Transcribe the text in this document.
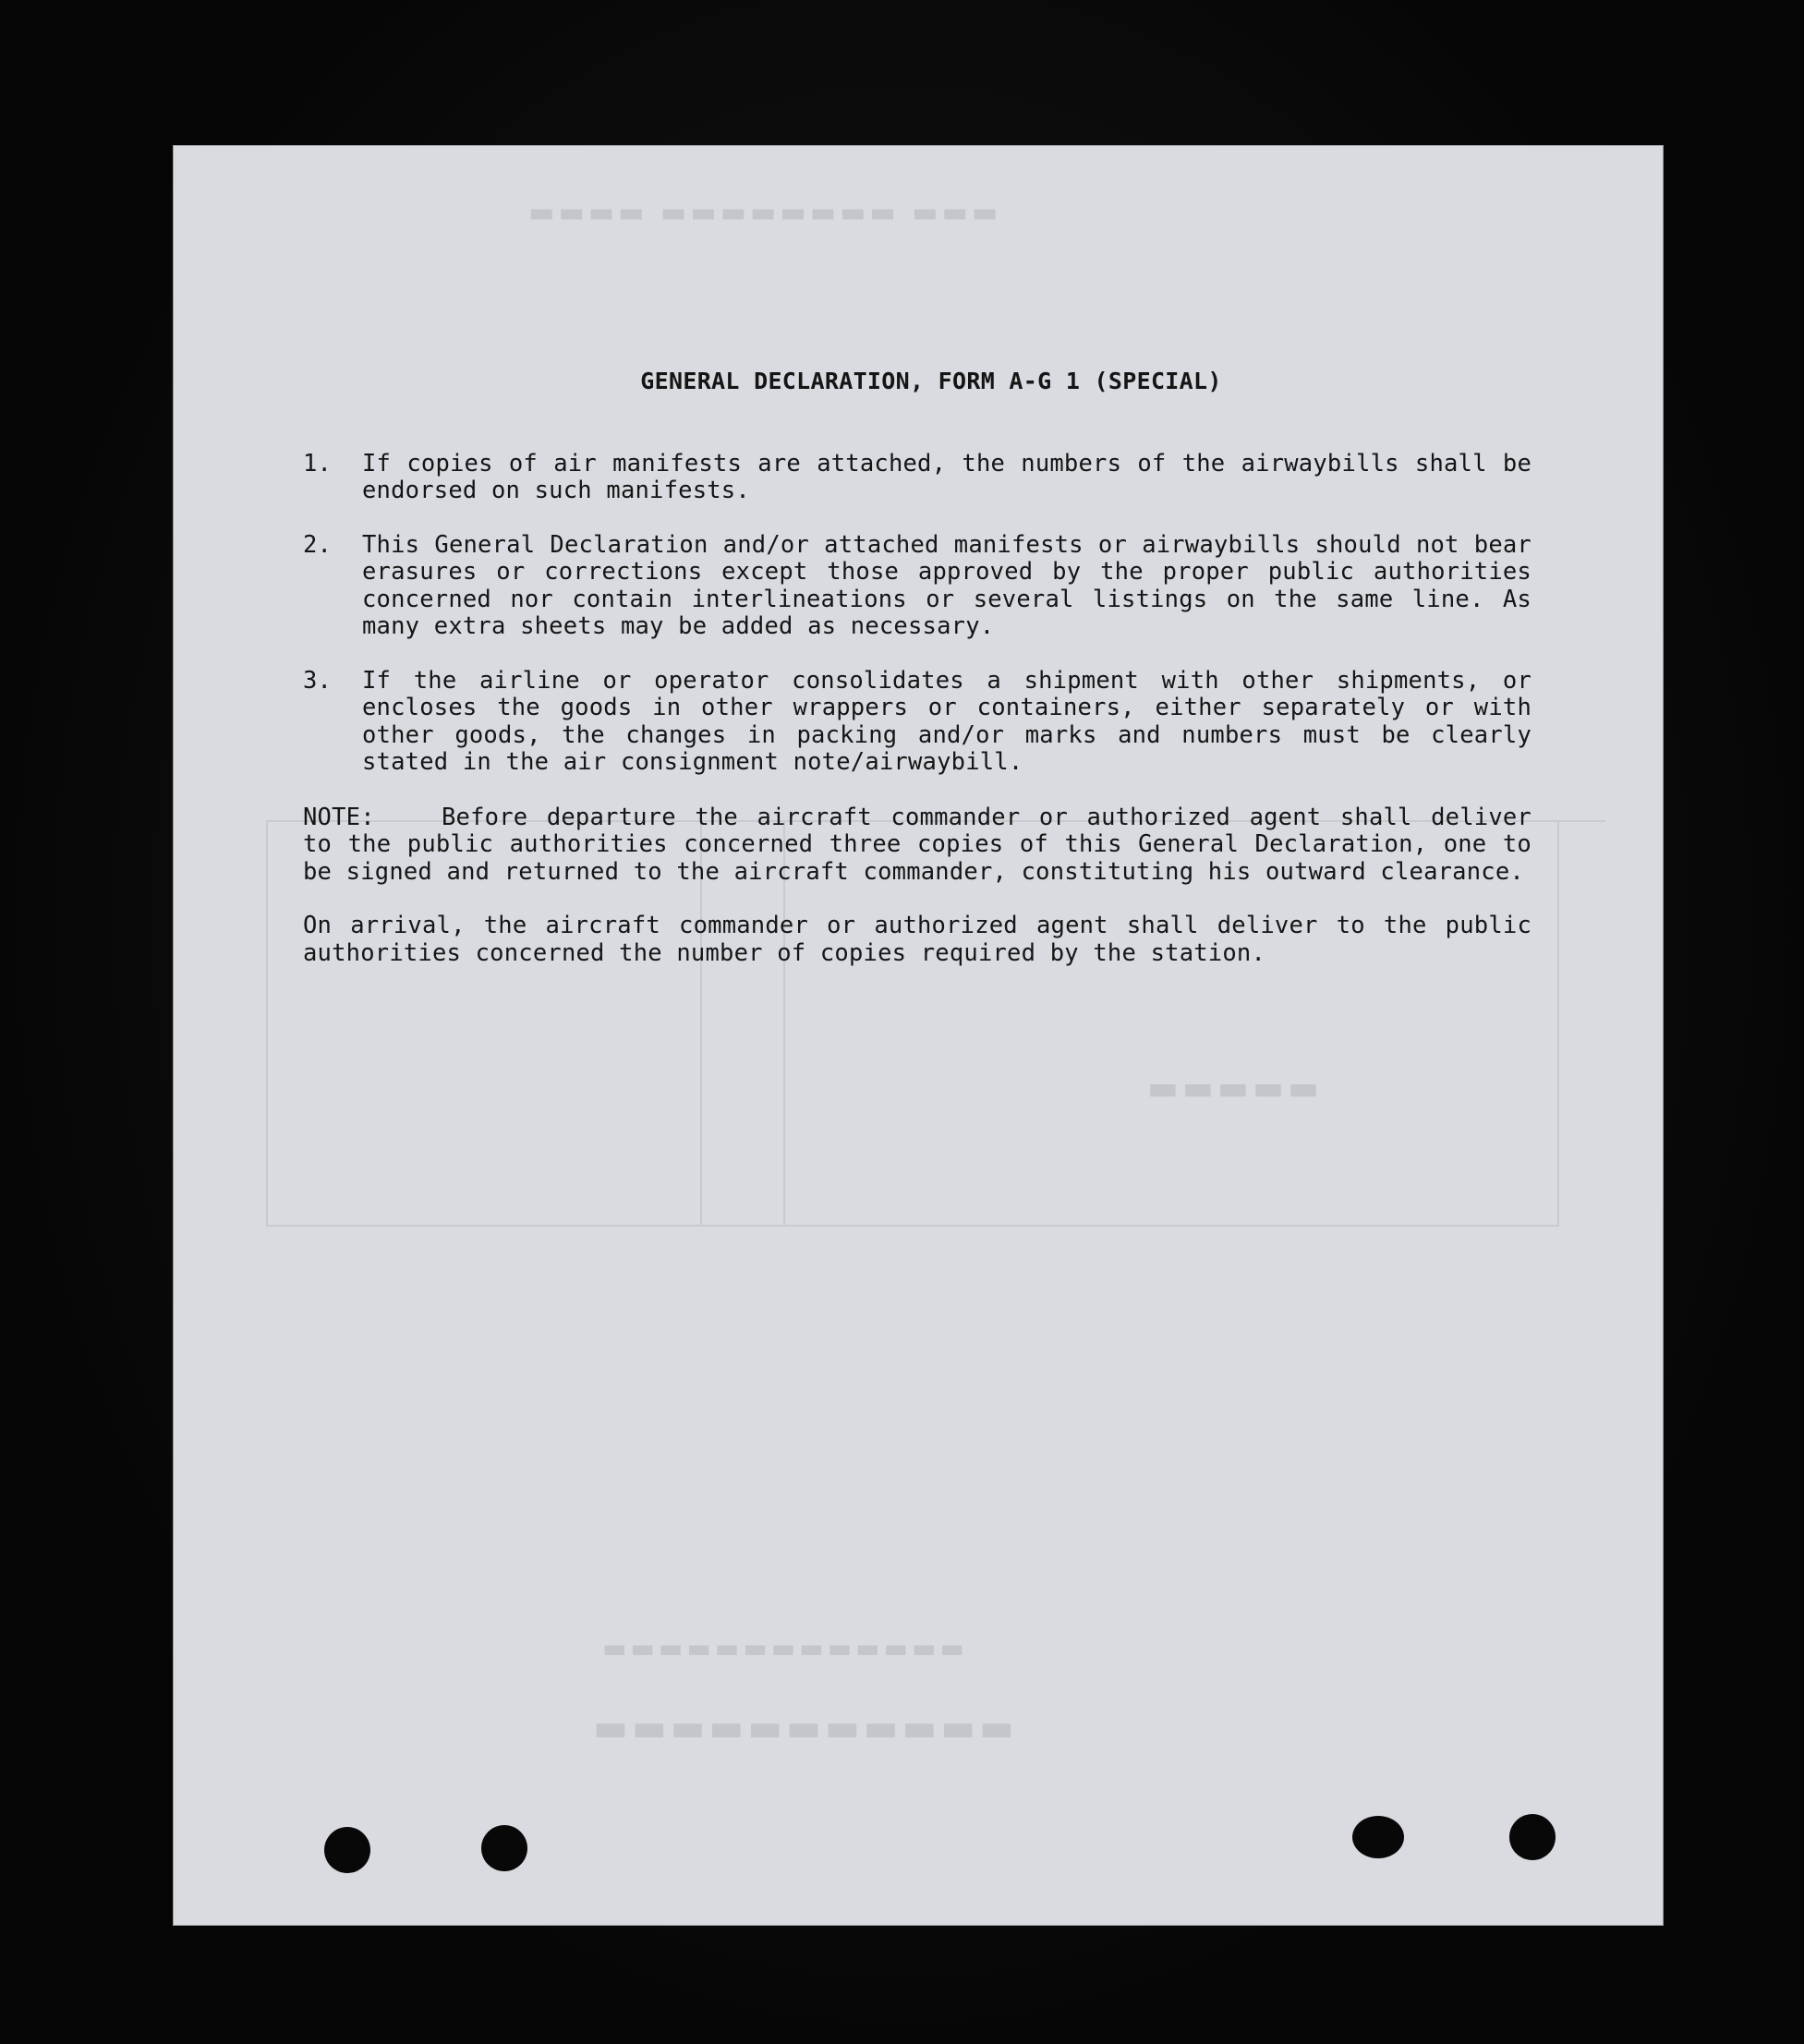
▬▬▬ ▬▬▬▬▬▬▬▬ ▬▬▬▬
▬▬▬▬▬
▬▬▬▬▬▬▬▬▬▬▬▬▬
▬▬▬▬▬▬▬▬▬▬▬
GENERAL DECLARATION, FORM A-G 1 (SPECIAL)
1.	If copies of air manifests are attached, the numbers of the airwaybills shall be endorsed on such manifests.
2.	This General Declaration and/or attached manifests or airwaybills should not bear erasures or corrections except those approved by the proper public authorities concerned nor contain interlineations or several listings on the same line. As many extra sheets may be added as necessary.
3.	If the airline or operator consolidates a shipment with other shipments, or encloses the goods in other wrappers or containers, either separately or with other goods, the changes in packing and/or marks and numbers must be clearly stated in the air consignment note/airwaybill.
NOTE:	Before departure the aircraft commander or authorized agent shall deliver to the public authorities concerned three copies of this General Declaration, one to be signed and returned to the aircraft commander, constituting his outward clearance.
On arrival, the aircraft commander or authorized agent shall deliver to the public authorities concerned the number of copies required by the station.
